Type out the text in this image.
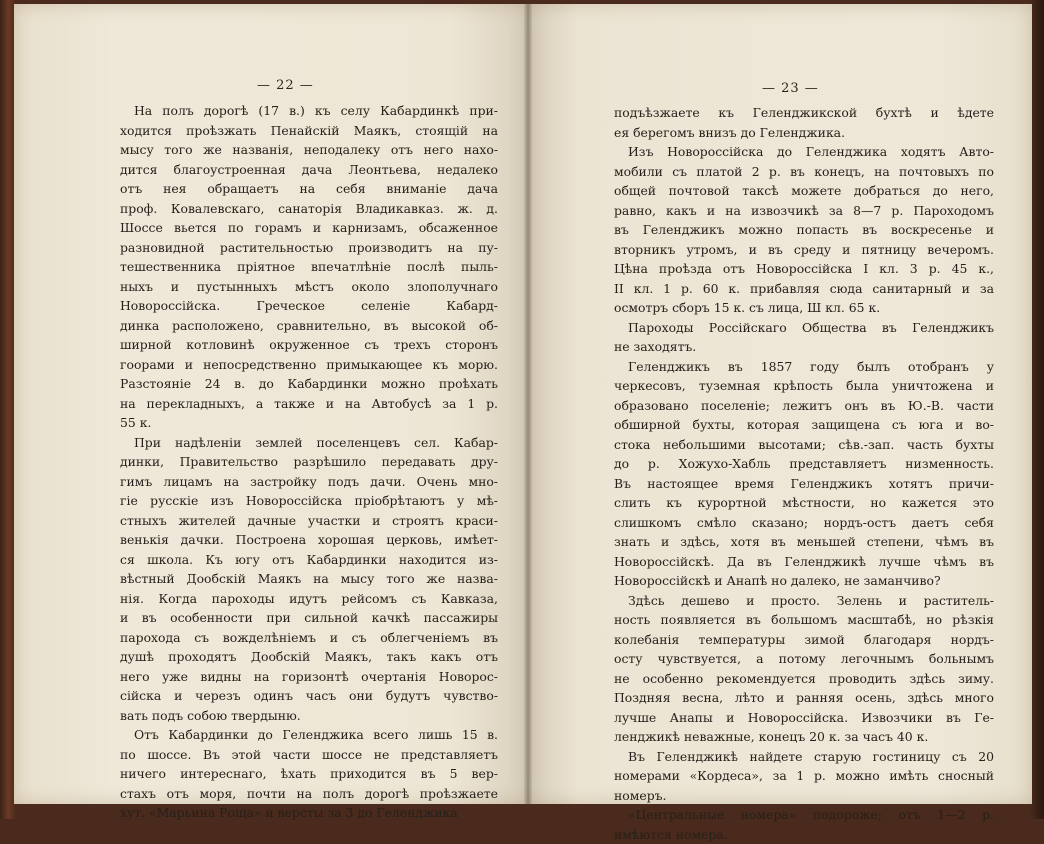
— 22 —
На полъ дорогѣ (17 в.) къ селу Кабардинкѣ при-
ходится проѣзжать Пенайскій Маякъ, стоящій на
мысу того же названія, неподалеку отъ него нахо-
дится благоустроенная дача Леонтьева, недалеко
отъ нея обращаетъ на себя вниманіе дача
проф. Ковалевскаго, санаторія Владикавказ. ж. д.
Шоссе вьется по горамъ и карнизамъ, обсаженное
разновидной растительностью производитъ на пу-
тешественника пріятное впечатлѣніе послѣ пыль-
ныхъ и пустынныхъ мѣстъ около злополучнаго
Новороссійска. Греческое селеніе Кабард-
динка расположено, сравнительно, въ высокой об-
ширной котловинѣ окруженное съ трехъ сторонъ
гоорами и непосредственно примыкающее къ морю.
Разстояніе 24 в. до Кабардинки можно проѣхать
на перекладныхъ, а также и на Автобусѣ за 1 р.
55 к.
При надѣленіи землей поселенцевъ сел. Кабар-
динки, Правительство разрѣшило передавать дру-
гимъ лицамъ на застройку подъ дачи. Очень мно-
гіе русскіе изъ Новороссійска пріобрѣтаютъ у мѣ-
стныхъ жителей дачные участки и строятъ краси-
венькія дачки. Построена хорошая церковь, имѣет-
ся школа. Къ югу отъ Кабардинки находится из-
вѣстный Дообскій Маякъ на мысу того же назва-
нія. Когда пароходы идутъ рейсомъ съ Кавказа,
и въ особенности при сильной качкѣ пассажиры
парохода съ вожделѣніемъ и съ облегченіемъ въ
душѣ проходятъ Дообскій Маякъ, такъ какъ отъ
него уже видны на горизонтѣ очертанія Новорос-
сійска и черезъ одинъ часъ они будутъ чувство-
вать подъ собою твердыню.
Отъ Кабардинки до Геленджика всего лишь 15 в.
по шоссе. Въ этой части шоссе не представляетъ
ничего интереснаго, ѣхать приходится въ 5 вер-
стахъ отъ моря, почти на полъ дорогѣ проѣзжаете
хут. «Марьина Роща» и версты за 3 до Геленджика
— 23 —
подъѣзжаете къ Геленджикской бухтѣ и ѣдете
ея берегомъ внизъ до Геленджика.
Изъ Новороссійска до Геленджика ходятъ Авто-
мобили съ платой 2 р. въ конецъ, на почтовыхъ по
общей почтовой таксѣ можете добраться до него,
равно, какъ и на извозчикѣ за 8—7 р. Пароходомъ
въ Геленджикъ можно попасть въ воскресенье и
вторникъ утромъ, и въ среду и пятницу вечеромъ.
Цѣна проѣзда отъ Новороссійска I кл. 3 р. 45 к.,
II кл. 1 р. 60 к. прибавляя сюда санитарный и за
осмотръ сборъ 15 к. съ лица, Ш кл. 65 к.
Пароходы Россійскаго Общества въ Геленджикъ
не заходятъ.
Геленджикъ въ 1857 году былъ отобранъ у
черкесовъ, туземная крѣпость была уничтожена и
образовано поселеніе; лежитъ онъ въ Ю.-В. части
обширной бухты, которая защищена съ юга и во-
стока небольшими высотами; сѣв.-зап. часть бухты
до р. Хожухо-Хабль представляетъ низменность.
Въ настоящее время Геленджикъ хотятъ причи-
слить къ курортной мѣстности, но кажется это
слишкомъ смѣло сказано; нордъ-остъ даетъ себя
знать и здѣсь, хотя въ меньшей степени, чѣмъ въ
Новороссійскѣ. Да въ Геленджикѣ лучше чѣмъ въ
Новороссійскѣ и Анапѣ но далеко, не заманчиво?
Здѣсь дешево и просто. Зелень и раститель-
ность появляется въ большомъ масштабѣ, но рѣзкія
колебанія температуры зимой благодаря нордъ-
осту чувствуется, а потому легочнымъ больнымъ
не особенно рекомендуется проводить здѣсь зиму.
Поздняя весна, лѣто и ранняя осень, здѣсь много
лучше Анапы и Новороссійска. Извозчики въ Ге-
ленджикѣ неважные, конецъ 20 к. за часъ 40 к.
Въ Геленджикѣ найдете старую гостиницу съ 20
номерами «Кордеса», за 1 р. можно имѣть сносный
номеръ.
«Центральные номера» подороже; отъ 1—2 р.
имѣются номера.
